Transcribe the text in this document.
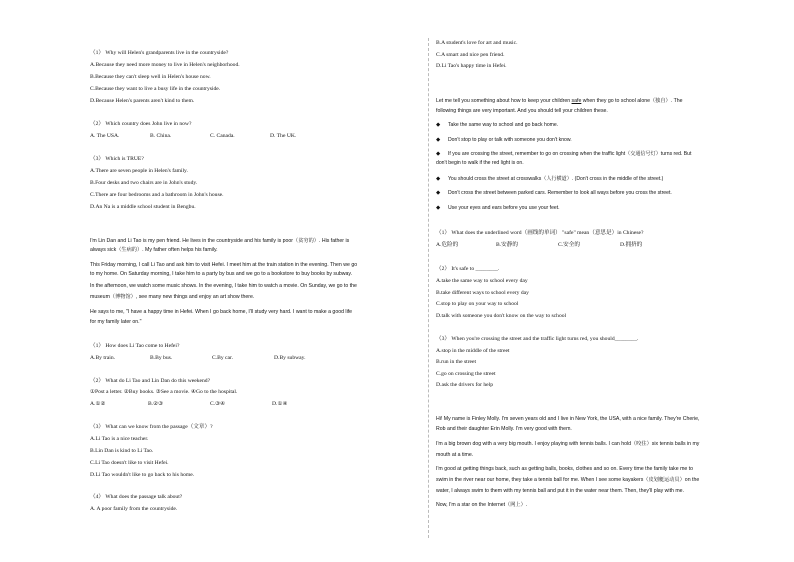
（1） Why will Helen's grandparents live in the countryside?
A.Because they need more money to live in Helen's neighborhood.
B.Because they can't sleep well in Helen's house now.
C.Because they want to live a busy life in the countryside.
D.Because Helen's parents aren't kind to them.
（2） Which country does John live in now?
A. The USA.	B. China.	C. Canada.	D. The UK.
（3） Which is TRUE?
A.There are seven people in Helen's family.
B.Four desks and two chairs are in John's study.
C.There are four bedrooms and a bathroom in John's house.
D.An Na is a middle school student in Bengbu.
I'm Lin Dan and Li Tao is my pen friend. He lives in the countryside and his family is poor（贫穷的）. His father is
always sick（生病的）. My father often helps his family.
This Friday morning, I call Li Tao and ask him to visit Hefei. I meet him at the train station in the evening. Then we go
to my home. On Saturday morning, I take him to a party by bus and we go to a bookstore to buy books by subway.
In the afternoon, we watch some music shows. In the evening, I take him to watch a movie. On Sunday, we go to the
museum（博物馆）, see many new things and enjoy an art show there.
He says to me, "I have a happy time in Hefei. When I go back home, I'll study very hard. I want to make a good life
for my family later on."
（1） How does Li Tao come to Hefei?
A.By train.	B.By bus.	C.By car.	D.By subway.
（2） What do Li Tao and Lin Dan do this weekend?
①Post a letter. ②Buy books. ③See a movie. ④Go to the hospital.
A.①②	B.②③	C.③④	D.①④
（3） What can we know from the passage（文章）?
A.Li Tao is a nice teacher.
B.Lin Dan is kind to Li Tao.
C.Li Tao doesn't like to visit Hefei.
D.Li Tao wouldn't like to go back to his home.
（4） What does the passage talk about?
A. A poor family from the countryside.
B.A student's love for art and music.
C.A smart and nice pen friend.
D.Li Tao's happy time in Hefei.
Let me tell you something about how to keep your children safe when they go to school alone（独自）. The
following things are very important. And you should tell your children these.
◆ Take the same way to school and go back home.
◆ Don't stop to play or talk with someone you don't know.
◆ If you are crossing the street, remember to go on crossing when the traffic light（交通信号灯）turns red. But
don't begin to walk if the red light is on.
◆ You should cross the street at crosswalks（人行横道）. (Don't cross in the middle of the street.)
◆ Don't cross the street between parked cars. Remember to look all ways before you cross the street.
◆ Use your eyes and ears before you use your feet.
（1） What does the underlined word（画线的单词） "safe" mean（意思是）in Chinese?
A.危险的	B.安静的	C.安全的	D.拥挤的
（2） It's safe to ________.
A.take the same way to school every day
B.take different ways to school every day
C.stop to play on your way to school
D.talk with someone you don't know on the way to school
（3） When you're crossing the street and the traffic light turns red, you should________.
A.stop in the middle of the street
B.run in the street
C.go on crossing the street
D.ask the drivers for help
Hi! My name is Finley Molly. I'm seven years old and I live in New York, the USA, with a nice family. They're Cherie,
Rob and their daughter Erin Molly. I'm very good with them.
I'm a big brown dog with a very big mouth. I enjoy playing with tennis balls. I can hold（咬住）six tennis balls in my
mouth at a time.
I'm good at getting things back, such as getting balls, books, clothes and so on. Every time the family take me to
swim in the river near our home, they take a tennis ball for me. When I see some kayakers（皮划艇运动员）on the
water, I always swim to them with my tennis ball and put it in the water near them. Then, they'll play with me.
Now, I'm a star on the Internet（网上）.
